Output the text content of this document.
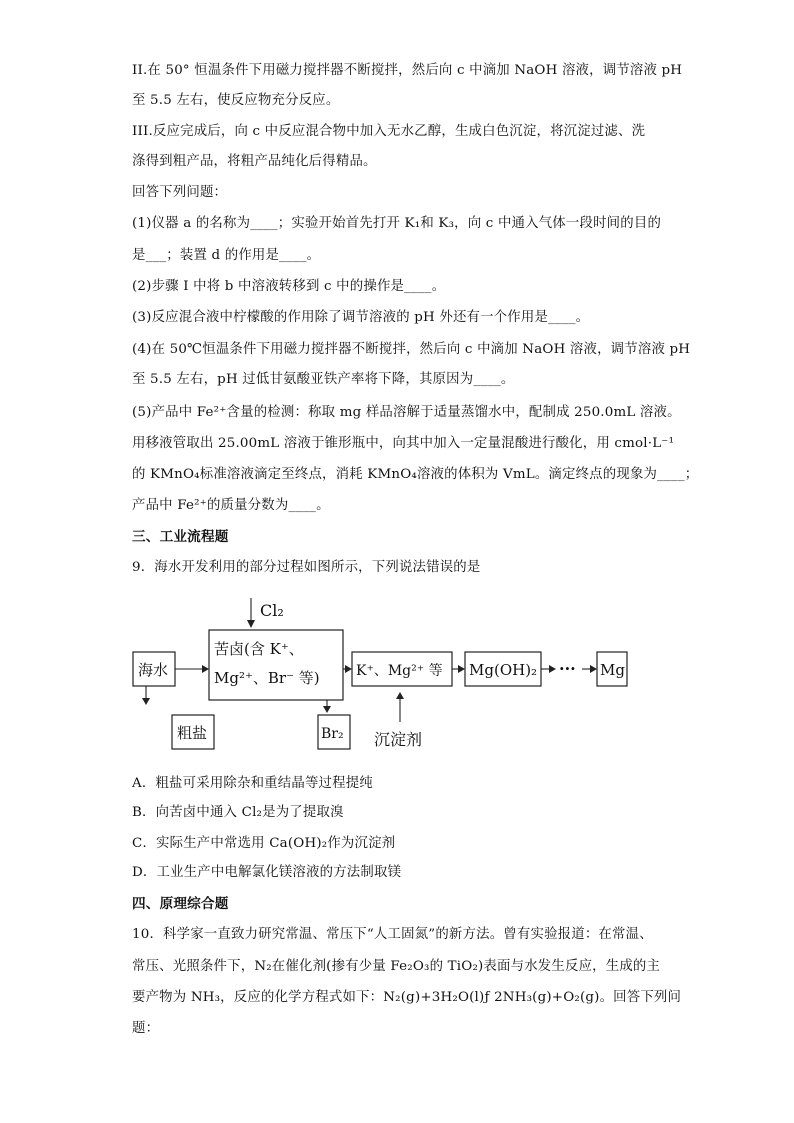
II.在 50° 恒温条件下用磁力搅拌器不断搅拌，然后向 c 中滴加 NaOH 溶液，调节溶液 pH
至 5.5 左右，使反应物充分反应。
III.反应完成后，向 c 中反应混合物中加入无水乙醇，生成白色沉淀，将沉淀过滤、洗
涤得到粗产品，将粗产品纯化后得精品。
回答下列问题：
(1)仪器 a 的名称为____；实验开始首先打开 K₁和 K₃，向 c 中通入气体一段时间的目的
是___；装置 d 的作用是____。
(2)步骤 I 中将 b 中溶液转移到 c 中的操作是____。
(3)反应混合液中柠檬酸的作用除了调节溶液的 pH 外还有一个作用是____。
(4)在 50℃恒温条件下用磁力搅拌器不断搅拌，然后向 c 中滴加 NaOH 溶液，调节溶液 pH
至 5.5 左右，pH 过低甘氨酸亚铁产率将下降，其原因为____。
(5)产品中 Fe²⁺含量的检测：称取 mg 样品溶解于适量蒸馏水中，配制成 250.0mL 溶液。
用移液管取出 25.00mL 溶液于锥形瓶中，向其中加入一定量混酸进行酸化，用 cmol·L⁻¹
的 KMnO₄标准溶液滴定至终点，消耗 KMnO₄溶液的体积为 VmL。滴定终点的现象为____；
产品中 Fe²⁺的质量分数为____。
三、工业流程题
9．海水开发利用的部分过程如图所示，下列说法错误的是
A．粗盐可采用除杂和重结晶等过程提纯
B．向苦卤中通入 Cl₂是为了提取溴
C．实际生产中常选用 Ca(OH)₂作为沉淀剂
D．工业生产中电解氯化镁溶液的方法制取镁
四、原理综合题
10．科学家一直致力研究常温、常压下“人工固氮”的新方法。曾有实验报道：在常温、
常压、光照条件下，N₂在催化剂(掺有少量 Fe₂O₃的 TiO₂)表面与水发生反应，生成的主
要产物为 NH₃，反应的化学方程式如下：N₂(g)+3H₂O(l)ƒ 2NH₃(g)+O₂(g)。回答下列问
题：
Cl₂
海水
苦卤(含 K⁺、
Mg²⁺、Br⁻ 等)	K⁺、Mg²⁺ 等 Mg(OH)₂ ··· Mg
粗盐	Br₂ 沉淀剂
